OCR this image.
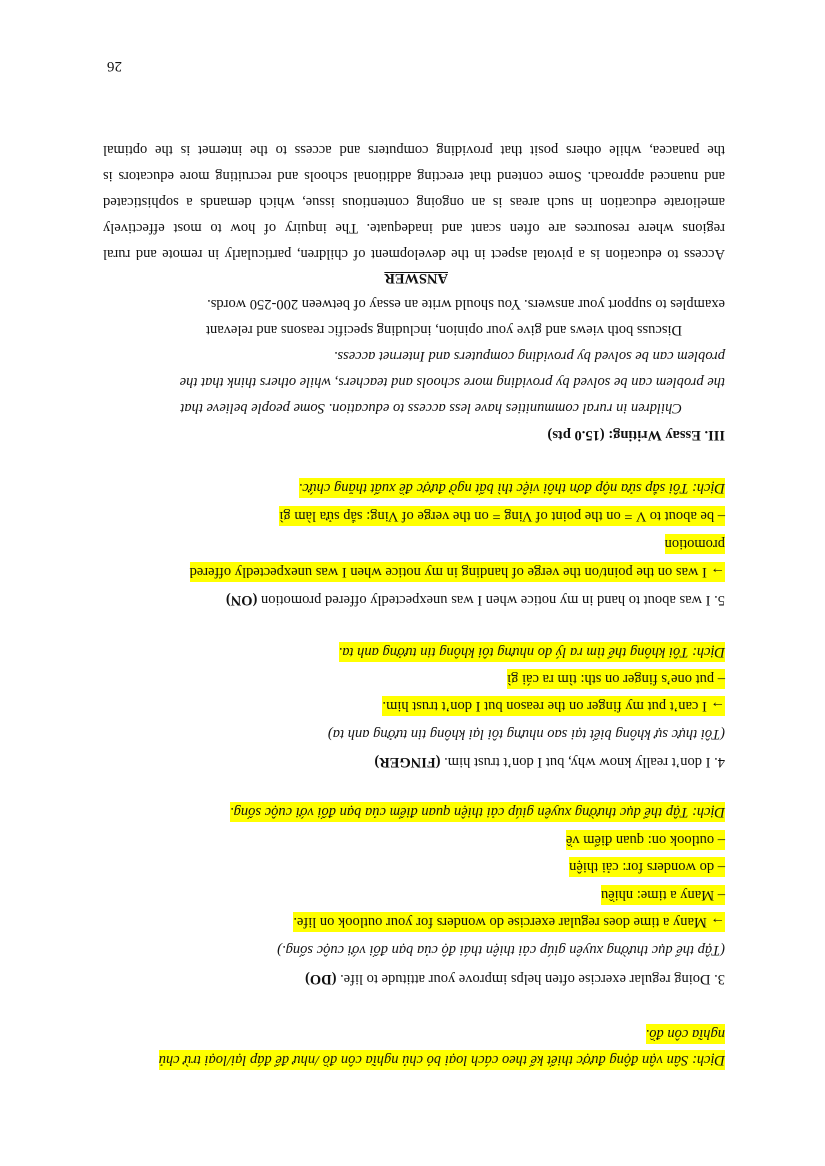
Dịch: Sân vận động được thiết kế theo cách loại bỏ chủ nghĩa côn đồ /như để đáp lại/loại trừ chủ
nghĩa côn đồ.
3. Doing regular exercise often helps improve your attitude to life. (DO)
(Tập thể dục thường xuyên giúp cải thiện thái độ của bạn đối với cuộc sống.)
→ Many a time does regular exercise do wonders for your outlook on life.
– Many a time: nhiều
– do wonders for: cải thiện
– outlook on: quan điểm về
Dịch: Tập thể dục thường xuyên giúp cải thiện quan điểm của bạn đối với cuộc sống.
4. I don’t really know why, but I don’t trust him. (FINGER)
(Tôi thực sự không biết tại sao nhưng tôi lại không tin tưởng anh ta)
→ I can’t put my finger on the reason but I don’t trust him.
– put one’s finger on sth: tìm ra cái gì
Dịch: Tôi không thể tìm ra lý do nhưng tôi không tin tưởng anh ta.
5. I was about to hand in my notice when I was unexpectedly offered promotion (ON)
→ I was on the point/on the verge of handing in my notice when I was unexpectedly offered
promotion
– be about to V = on the point of Ving = on the verge of Ving: sắp sửa làm gì
Dịch: Tôi sắp sửa nộp đơn thôi việc thì bất ngờ được đề xuất thăng chức.
III. Essay Writing: (15.0 pts)
Children in rural communities have less access to education. Some people believe that
the problem can be solved by providing more schools and teachers, while others think that the
problem can be solved by providing computers and Internet access.
Discuss both views and give your opinion, including specific reasons and relevant
examples to support your answers. You should write an essay of between 200-250 words.
ANSWER
Access to education is a pivotal aspect in the development of children, particularly in remote and rural
regions where resources are often scant and inadequate. The inquiry of how to most effectively
ameliorate education in such areas is an ongoing contentious issue, which demands a sophisticated
and nuanced approach. Some contend that erecting additional schools and recruiting more educators is
the panacea, while others posit that providing computers and access to the internet is the optimal
26
